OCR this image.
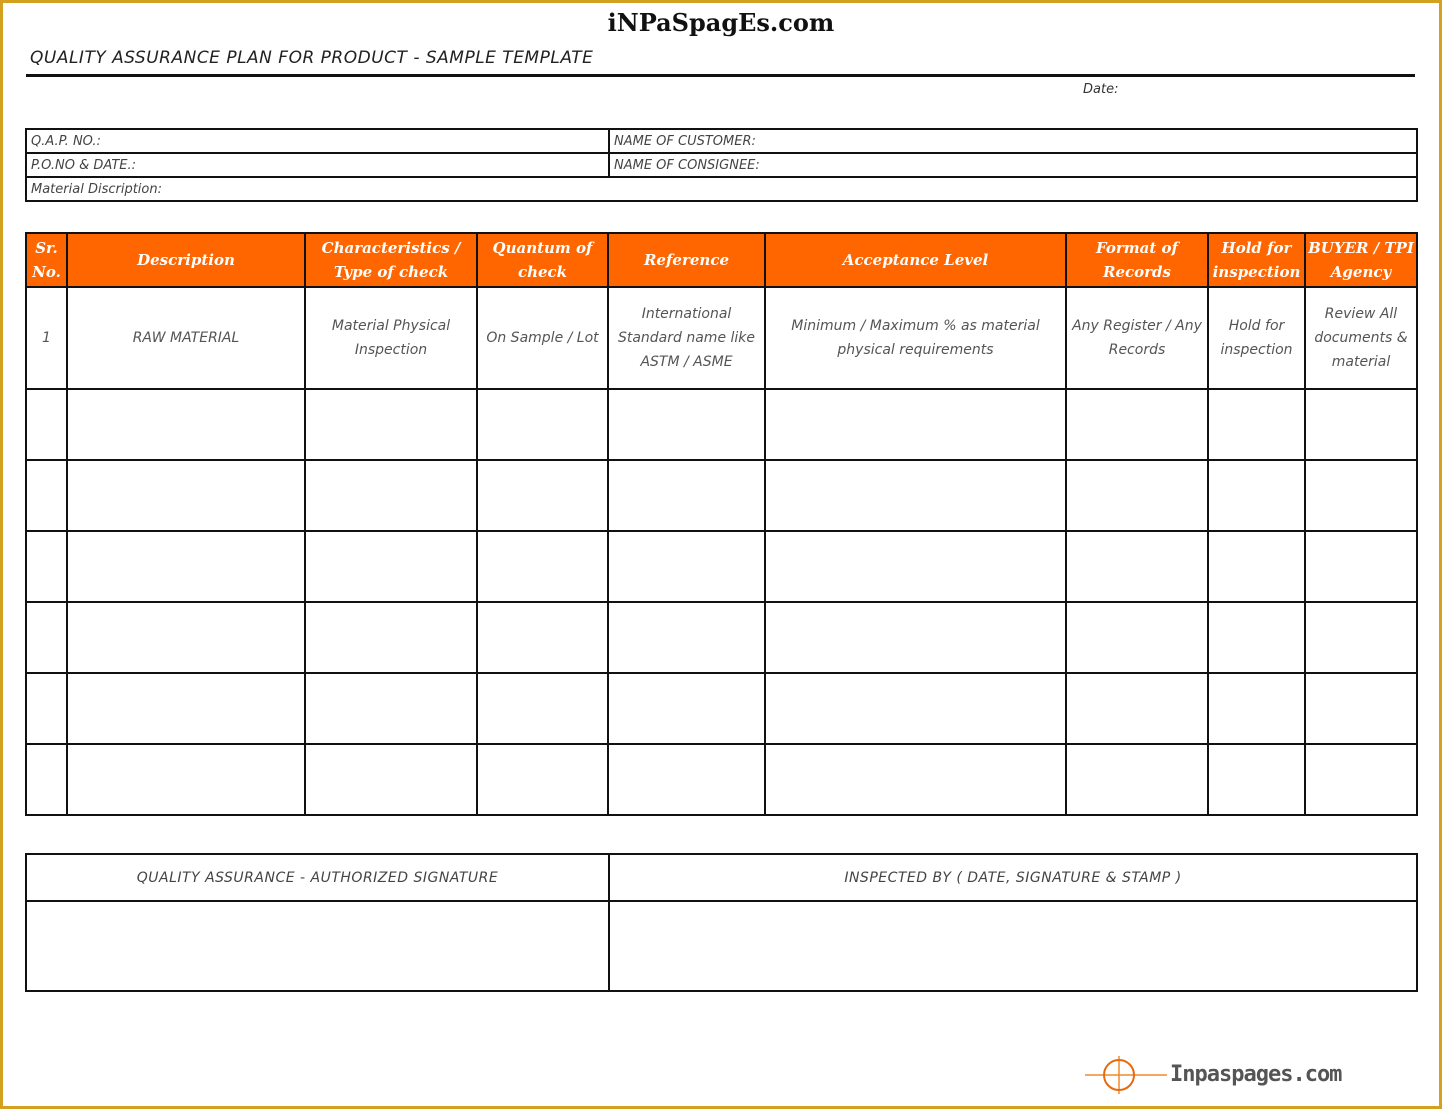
iNPaSpagEs.com
QUALITY ASSURANCE PLAN FOR PRODUCT - SAMPLE TEMPLATE
Date:
Q.A.P. NO.:	NAME OF CUSTOMER:
P.O.NO & DATE.:	NAME OF CONSIGNEE:
Material Discription:	
Sr. No.	Description	Characteristics / Type of check	Quantum of check	Reference	Acceptance Level	Format of Records	Hold for inspection	BUYER / TPI Agency
1	RAW MATERIAL	Material Physical Inspection	On Sample / Lot	International Standard name like ASTM / ASME	Minimum / Maximum % as material physical requirements	Any Register / Any Records	Hold for inspection	Review All documents & material

QUALITY ASSURANCE - AUTHORIZED SIGNATURE	INSPECTED BY ( DATE, SIGNATURE & STAMP )

Inpaspages.com
